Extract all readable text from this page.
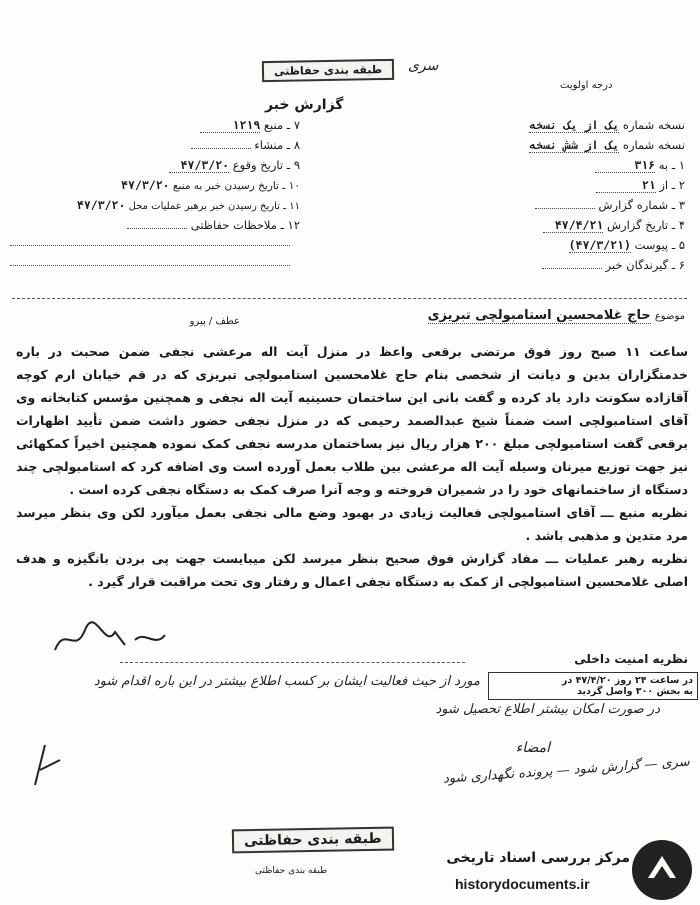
طبقه بندی حفاظتی	سری
درجه اولویت
گزارش خبر
نسخه شماره یک از یک نسخه
نسخه شماره یک از شش نسخه
۱ ـ به ۳۱۶
۲ ـ از ۲۱
۳ ـ شماره گزارش
۴ ـ تاریخ گزارش ۴۷/۴/۲۱
۵ ـ پیوست (۴۷/۳/۲۱)
۶ ـ گیرندگان خبر
۷ ـ منبع ۱۲۱۹
۸ ـ منشاء
۹ ـ تاریخ وقوع ۴۷/۳/۲۰
۱۰ ـ تاریخ رسیدن خبر به منبع ۴۷/۳/۲۰
۱۱ ـ تاریخ رسیدن خبر برهبر عملیات محل ۴۷/۳/۲۰
۱۲ ـ ملاحظات حفاظتی
موضوع حاج غلامحسین استامبولچی تبریزی
عطف / پیرو

ساعت ۱۱ صبح روز فوق مرتضی برقعی واعظ در منزل آیت اله مرعشی نجفی ضمن صحبت در باره خدمتگزاران بدین و دیانت از شخصی بنام حاج غلامحسین استامبولچی تبریزی که در قم خیابان ارم کوچه آقازاده سکونت دارد یاد کرده و گفت بانی این ساختمان حسینیه آیت اله نجفی و همچنین مؤسس کتابخانه وی آقای استامبولچی است ضمناً شیخ عبدالصمد رحیمی که در منزل نجفی حضور داشت ضمن تأیید اظهارات برقعی گفت استامبولچی مبلغ ۲۰۰ هزار ریال نیز بساختمان مدرسه نجفی کمک نموده همچنین اخیراً کمکهائی نیز جهت توزیع میرنان وسیله آیت اله مرعشی بین طلاب بعمل آورده است وی اضافه کرد که استامبولچی چند دستگاه از ساختمانهای خود را در شمیران فروخته و وجه آنرا صرف کمک به دستگاه نجفی کرده است .

نظریه منبع ـــ آقای استامبولچی فعالیت زیادی در بهبود وضع مالی نجفی بعمل میآورد لکن وی بنظر میرسد مرد متدین و مذهبی باشد .

نظریه رهبر عملیات ـــ مفاد گزارش فوق صحیح بنظر میرسد لکن میبایست جهت پی بردن بانگیزه و هدف اصلی غلامحسین استامبولچی از کمک به دستگاه نجفی اعمال و رفتار وی تحت مراقبت قرار گیرد .

نظریه امنیت داخلی
در ساعت ۲۴ روز ۴۷/۴/۲۰ در
به بخش ۳۰۰ واصل گردید
مورد از حیث فعالیت ایشان بر کسب اطلاع بیشتر در این باره اقدام شود
در صورت امکان بیشتر اطلاع تحصیل شود
امضاء
سری — گزارش شود — پرونده نگهداری شود
طبقه بندی حفاظتی
طبقه بندی حفاظتی
مرکز بررسی اسناد تاریخی
historydocuments.ir
